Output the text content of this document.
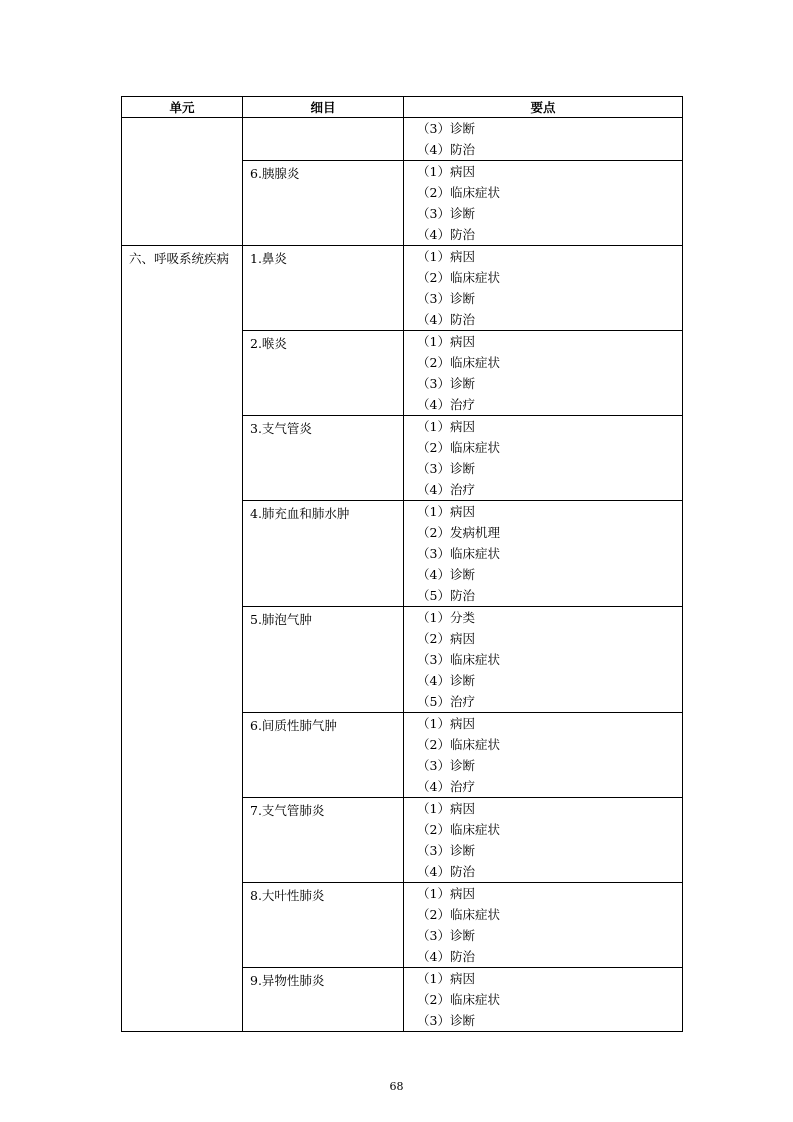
单元	细目	要点

		（3）诊断
（4）防治

	6.胰腺炎	（1）病因
（2）临床症状
（3）诊断
（4）防治

六、呼吸系统疾病	1.鼻炎	（1）病因
（2）临床症状
（3）诊断
（4）防治

	2.喉炎	（1）病因
（2）临床症状
（3）诊断
（4）治疗

	3.支气管炎	（1）病因
（2）临床症状
（3）诊断
（4）治疗

	4.肺充血和肺水肿	（1）病因
（2）发病机理
（3）临床症状
（4）诊断
（5）防治

	5.肺泡气肿	（1）分类
（2）病因
（3）临床症状
（4）诊断
（5）治疗

	6.间质性肺气肿	（1）病因
（2）临床症状
（3）诊断
（4）治疗

	7.支气管肺炎	（1）病因
（2）临床症状
（3）诊断
（4）防治

	8.大叶性肺炎	（1）病因
（2）临床症状
（3）诊断
（4）防治

	9.异物性肺炎	（1）病因
（2）临床症状
（3）诊断
68
